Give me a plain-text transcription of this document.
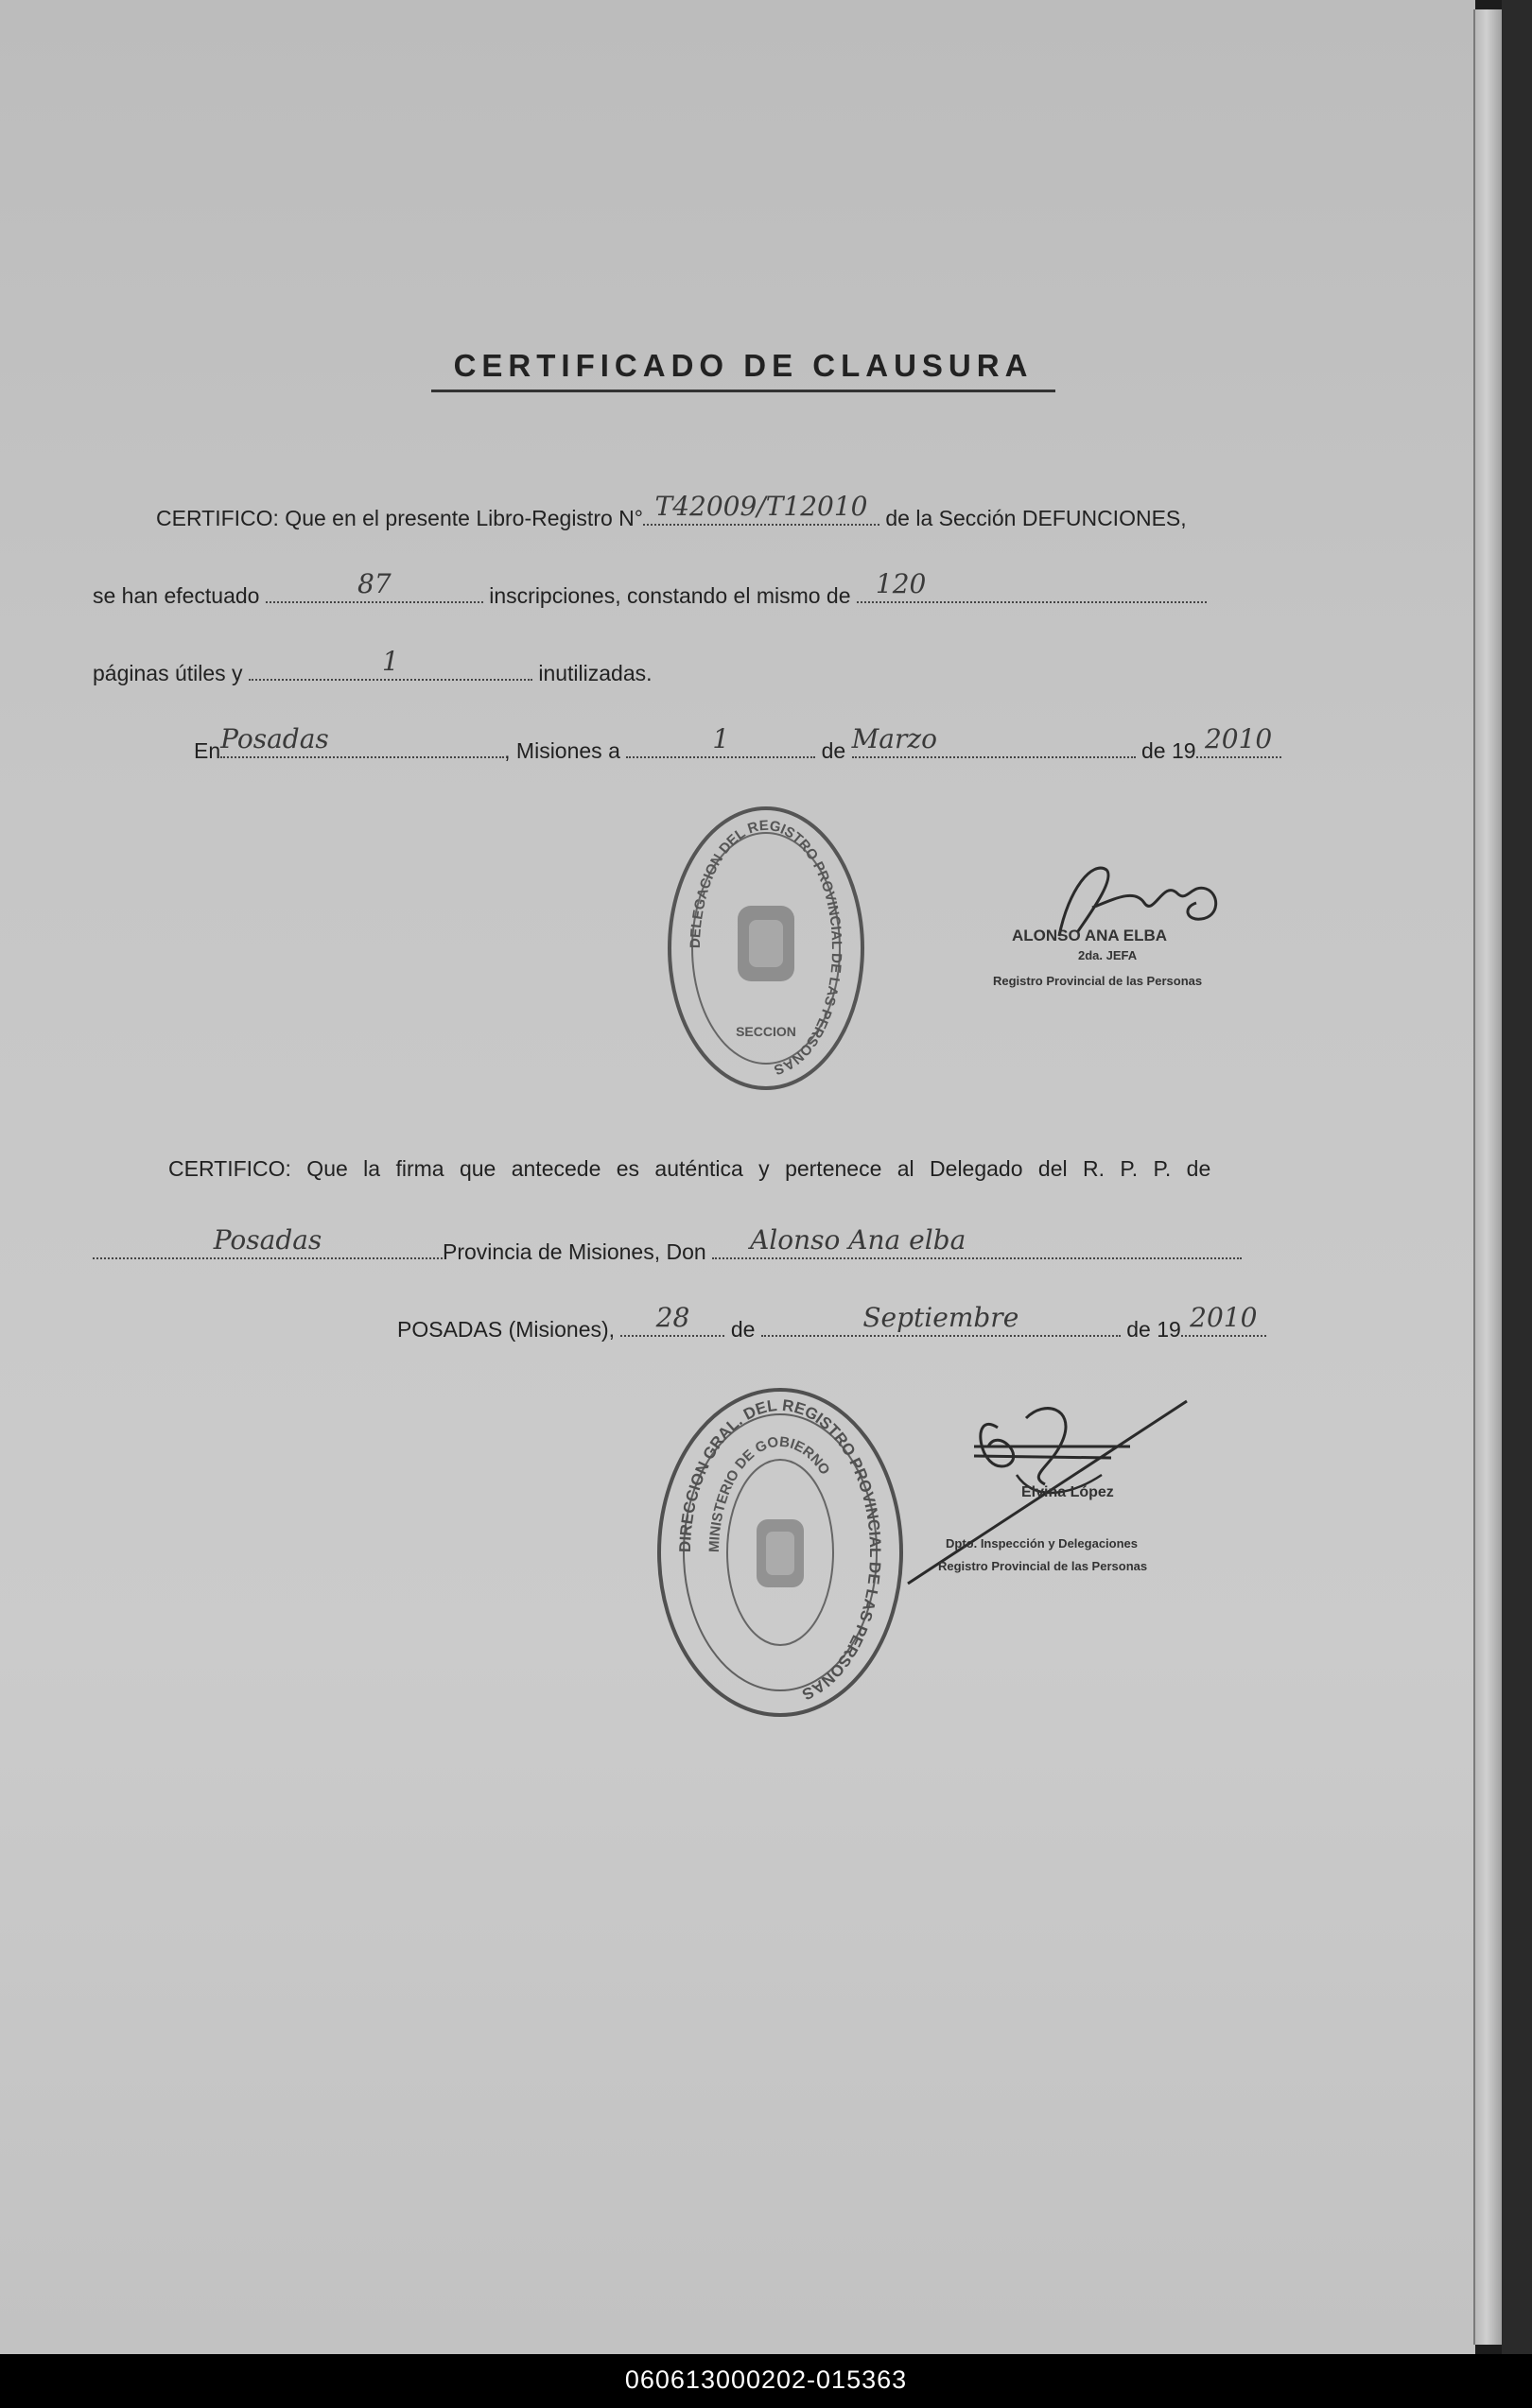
CERTIFICADO DE CLAUSURA
CERTIFICO: Que en el presente Libro-Registro N° T42009/T12010 de la Sección DEFUNCIONES,
se han efectuado	87	inscripciones, constando el mismo de 120
páginas útiles y	1	inutilizadas.
En Posadas	, Misiones a	1	de Marzo	de 19 2010
DELEGACION DEL REGISTRO PROVINCIAL DE LAS PERSONAS
SECCION
Alonso
ALONSO ANA ELBA
2da. JEFA
Registro Provincial de las Personas
CERTIFICO: Que la firma que antecede es auténtica y pertenece al Delegado del R. P. P. de
Posadas	Provincia de Misiones, Don	Alonso Ana elba
POSADAS (Misiones),	28	de	Septiembre	de 19 2010
DIRECCION GRAL. DEL REGISTRO PROVINCIAL DE LAS PERSONAS
MINISTERIO DE GOBIERNO
Elvina López
Dpto. Inspección y Delegaciones
Registro Provincial de las Personas
060613000202-015363
